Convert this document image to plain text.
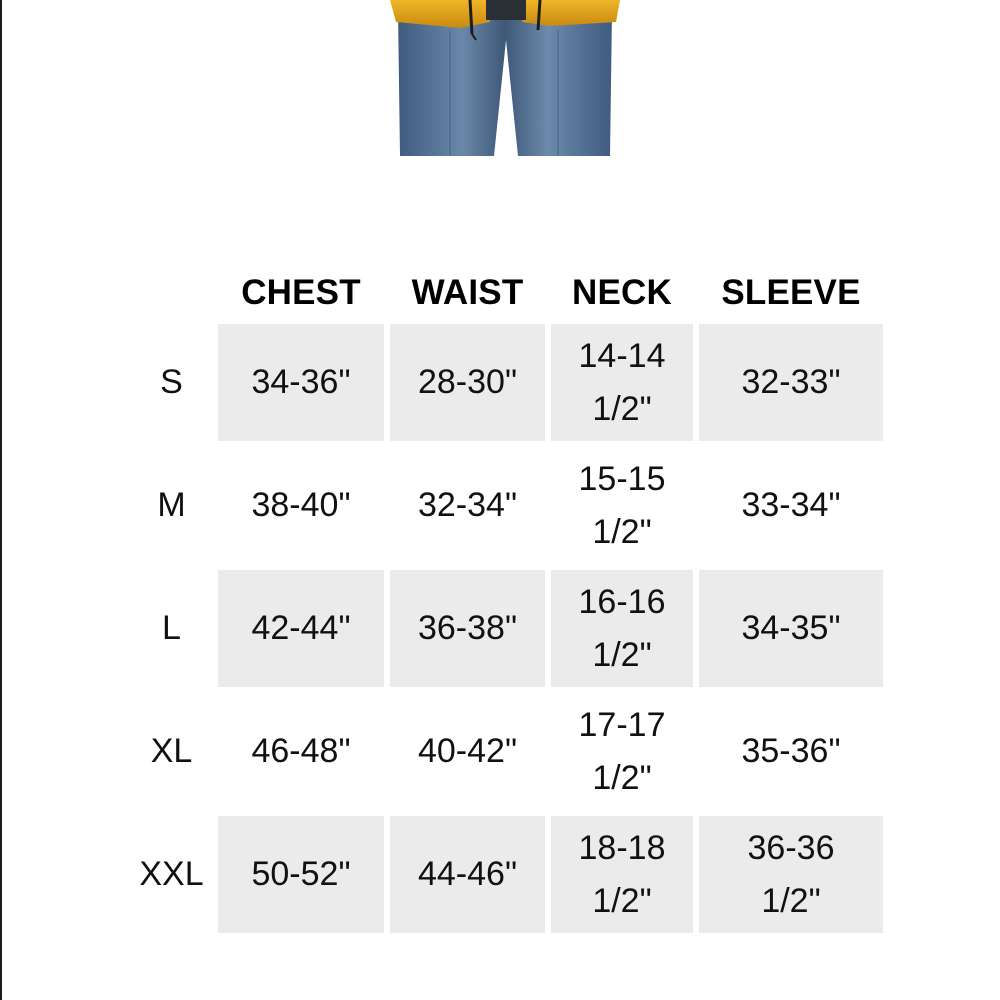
	CHEST	WAIST	NECK	SLEEVE
S	34-36"	28-30"	14-14 1/2"	32-33"
M	38-40"	32-34"	15-15 1/2"	33-34"
L	42-44"	36-38"	16-16 1/2"	34-35"
XL	46-48"	40-42"	17-17 1/2"	35-36"
XXL	50-52"	44-46"	18-18 1/2"	36-36 1/2"
